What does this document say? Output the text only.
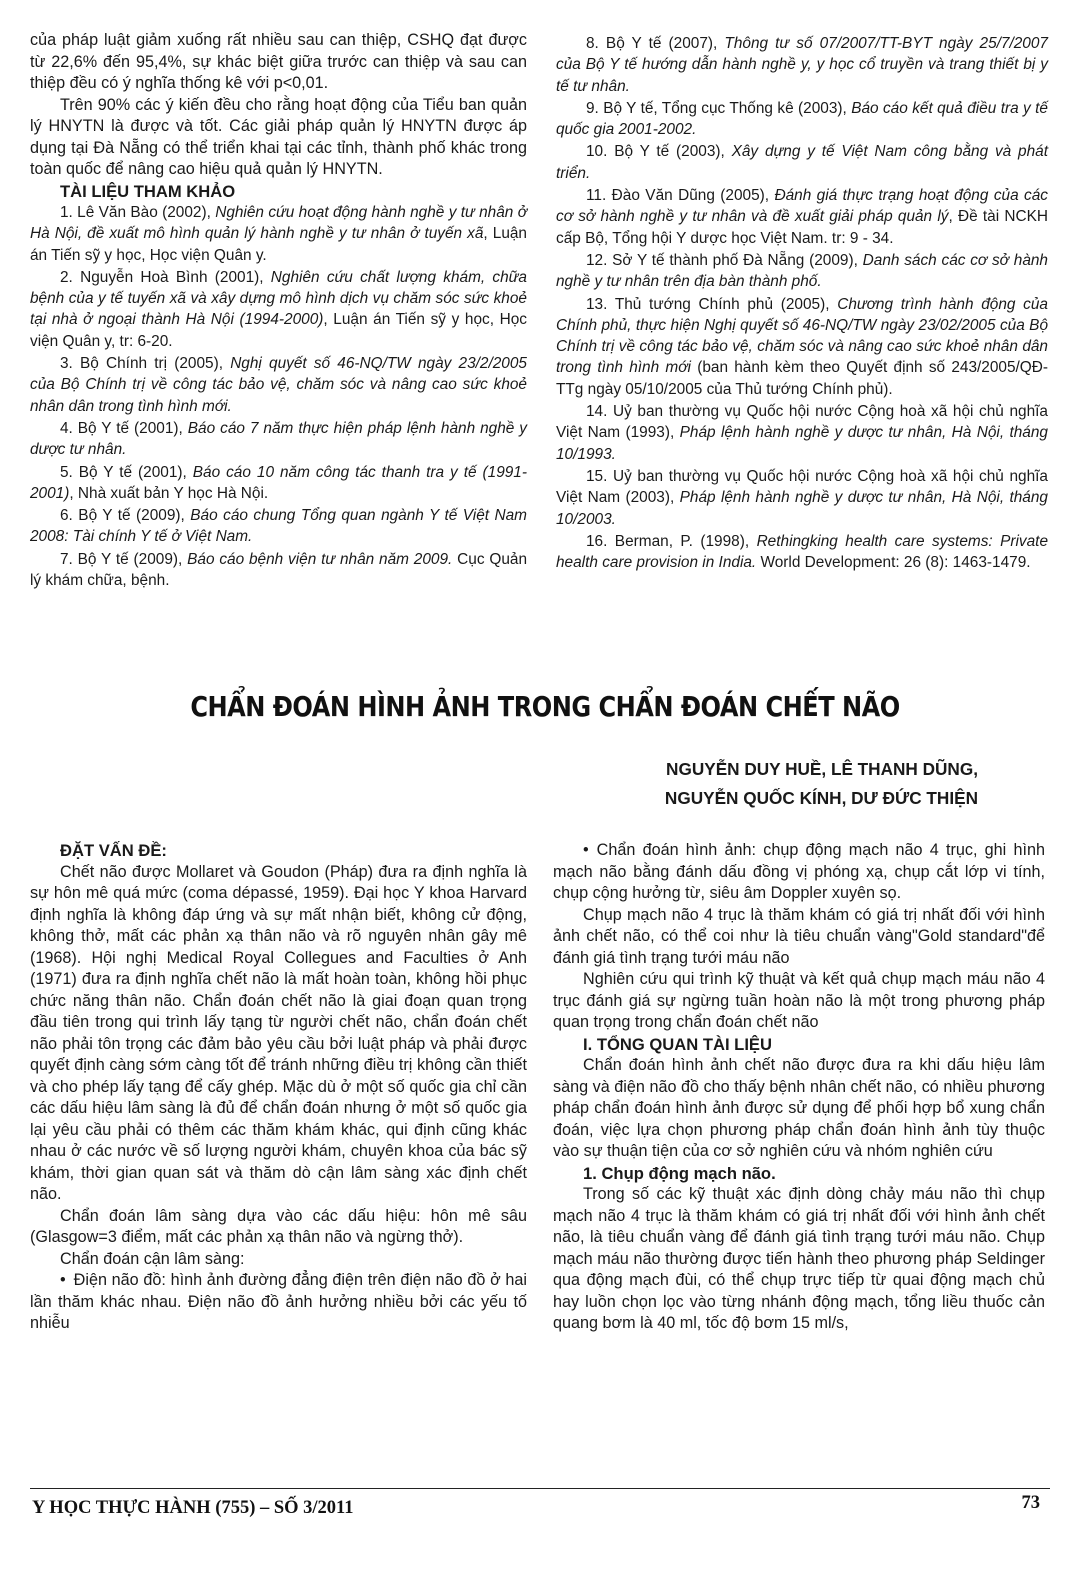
của pháp luật giảm xuống rất nhiều sau can thiệp, CSHQ đạt được từ 22,6% đến 95,4%, sự khác biệt giữa trước can thiệp và sau can thiệp đều có ý nghĩa thống kê với p<0,01.

Trên 90% các ý kiến đều cho rằng hoạt động của Tiểu ban quản lý HNYTN là được và tốt. Các giải pháp quản lý HNYTN được áp dụng tại Đà Nẵng có thể triển khai tại các tỉnh, thành phố khác trong toàn quốc để nâng cao hiệu quả quản lý HNYTN.

TÀI LIỆU THAM KHẢO

1. Lê Văn Bào (2002), Nghiên cứu hoạt động hành nghề y tư nhân ở Hà Nội, đề xuất mô hình quản lý hành nghề y tư nhân ở tuyến xã, Luận án Tiến sỹ y học, Học viện Quân y.

2. Nguyễn Hoà Bình (2001), Nghiên cứu chất lượng khám, chữa bệnh của y tế tuyến xã và xây dựng mô hình dịch vụ chăm sóc sức khoẻ tại nhà ở ngoại thành Hà Nội (1994-2000), Luận án Tiến sỹ y học, Học viện Quân y, tr: 6-20.

3. Bộ Chính trị (2005), Nghị quyết số 46-NQ/TW ngày 23/2/2005 của Bộ Chính trị về công tác bảo vệ, chăm sóc và nâng cao sức khoẻ nhân dân trong tình hình mới.

4. Bộ Y tế (2001), Báo cáo 7 năm thực hiện pháp lệnh hành nghề y dược tư nhân.

5. Bộ Y tế (2001), Báo cáo 10 năm công tác thanh tra y tế (1991-2001), Nhà xuất bản Y học Hà Nội.

6. Bộ Y tế (2009), Báo cáo chung Tổng quan ngành Y tế Việt Nam 2008: Tài chính Y tế ở Việt Nam.

7. Bộ Y tế (2009), Báo cáo bệnh viện tư nhân năm 2009. Cục Quản lý khám chữa, bệnh.

8. Bộ Y tế (2007), Thông tư số 07/2007/TT-BYT ngày 25/7/2007 của Bộ Y tế hướng dẫn hành nghề y, y học cổ truyền và trang thiết bị y tế tư nhân.

9. Bộ Y tế, Tổng cục Thống kê (2003), Báo cáo kết quả điều tra y tế quốc gia 2001-2002.

10. Bộ Y tế (2003), Xây dựng y tế Việt Nam công bằng và phát triển.

11. Đào Văn Dũng (2005), Đánh giá thực trạng hoạt động của các cơ sở hành nghề y tư nhân và đề xuất giải pháp quản lý, Đề tài NCKH cấp Bộ, Tổng hội Y dược học Việt Nam. tr: 9 - 34.

12. Sở Y tế thành phố Đà Nẵng (2009), Danh sách các cơ sở hành nghề y tư nhân trên địa bàn thành phố.

13. Thủ tướng Chính phủ (2005), Chương trình hành động của Chính phủ, thực hiện Nghị quyết số 46-NQ/TW ngày 23/02/2005 của Bộ Chính trị về công tác bảo vệ, chăm sóc và nâng cao sức khoẻ nhân dân trong tình hình mới (ban hành kèm theo Quyết định số 243/2005/QĐ-TTg ngày 05/10/2005 của Thủ tướng Chính phủ).

14. Uỷ ban thường vụ Quốc hội nước Cộng hoà xã hội chủ nghĩa Việt Nam (1993), Pháp lệnh hành nghề y dược tư nhân, Hà Nội, tháng 10/1993.

15. Uỷ ban thường vụ Quốc hội nước Cộng hoà xã hội chủ nghĩa Việt Nam (2003), Pháp lệnh hành nghề y dược tư nhân, Hà Nội, tháng 10/2003.

16. Berman, P. (1998), Rethingking health care systems: Private health care provision in India. World Development: 26 (8): 1463-1479.

CHẨN ĐOÁN HÌNH ẢNH TRONG CHẨN ĐOÁN CHẾT NÃO
NGUYỄN DUY HUỀ, LÊ THANH DŨNG,
NGUYỄN QUỐC KÍNH, DƯ ĐỨC THIỆN

ĐẶT VẤN ĐỀ:

Chết não được Mollaret và Goudon (Pháp) đưa ra định nghĩa là sự hôn mê quá mức (coma dépassé, 1959). Đại học Y khoa Harvard định nghĩa là không đáp ứng và sự mất nhận biết, không cử động, không thở, mất các phản xạ thân não và rõ nguyên nhân gây mê (1968). Hội nghị Medical Royal Collegues and Faculties ở Anh (1971) đưa ra định nghĩa chết não là mất hoàn toàn, không hồi phục chức năng thân não. Chẩn đoán chết não là giai đoạn quan trọng đầu tiên trong qui trình lấy tạng từ người chết não, chẩn đoán chết não phải tôn trọng các đảm bảo yêu cầu bởi luật pháp và phải được quyết định càng sớm càng tốt để tránh những điều trị không cần thiết và cho phép lấy tạng để cấy ghép. Mặc dù ở một số quốc gia chỉ cần các dấu hiệu lâm sàng là đủ để chẩn đoán nhưng ở một số quốc gia lại yêu cầu phải có thêm các thăm khám khác, qui định cũng khác nhau ở các nước về số lượng người khám, chuyên khoa của bác sỹ khám, thời gian quan sát và thăm dò cận lâm sàng xác định chết não.

Chẩn đoán lâm sàng dựa vào các dấu hiệu: hôn mê sâu (Glasgow=3 điểm, mất các phản xạ thân não và ngừng thở).

Chẩn đoán cận lâm sàng:

• Điện não đồ: hình ảnh đường đẳng điện trên điện não đồ ở hai lần thăm khác nhau. Điện não đồ ảnh hưởng nhiều bởi các yếu tố nhiễu

• Chẩn đoán hình ảnh: chụp động mạch não 4 trục, ghi hình mạch não bằng đánh dấu đồng vị phóng xạ, chụp cắt lớp vi tính, chụp cộng hưởng từ, siêu âm Doppler xuyên sọ.

Chụp mạch não 4 trục là thăm khám có giá trị nhất đối với hình ảnh chết não, có thể coi như là tiêu chuẩn vàng"Gold standard"để đánh giá tình trạng tưới máu não

Nghiên cứu qui trình kỹ thuật và kết quả chụp mạch máu não 4 trục đánh giá sự ngừng tuần hoàn não là một trong phương pháp quan trọng trong chẩn đoán chết não

I. TỔNG QUAN TÀI LIỆU

Chẩn đoán hình ảnh chết não được đưa ra khi dấu hiệu lâm sàng và điện não đồ cho thấy bệnh nhân chết não, có nhiều phương pháp chẩn đoán hình ảnh được sử dụng để phối hợp bổ xung chẩn đoán, việc lựa chọn phương pháp chẩn đoán hình ảnh tùy thuộc vào sự thuận tiện của cơ sở nghiên cứu và nhóm nghiên cứu

1. Chụp động mạch não.

Trong số các kỹ thuật xác định dòng chảy máu não thì chụp mạch não 4 trục là thăm khám có giá trị nhất đối với hình ảnh chết não, là tiêu chuẩn vàng để đánh giá tình trạng tưới máu não. Chụp mạch máu não thường được tiến hành theo phương pháp Seldinger qua động mạch đùi, có thể chụp trực tiếp từ quai động mạch chủ hay luồn chọn lọc vào từng nhánh động mạch, tổng liều thuốc cản quang bơm là 40 ml, tốc độ bơm 15 ml/s,

Y HỌC THỰC HÀNH (755) – SỐ 3/2011	73
